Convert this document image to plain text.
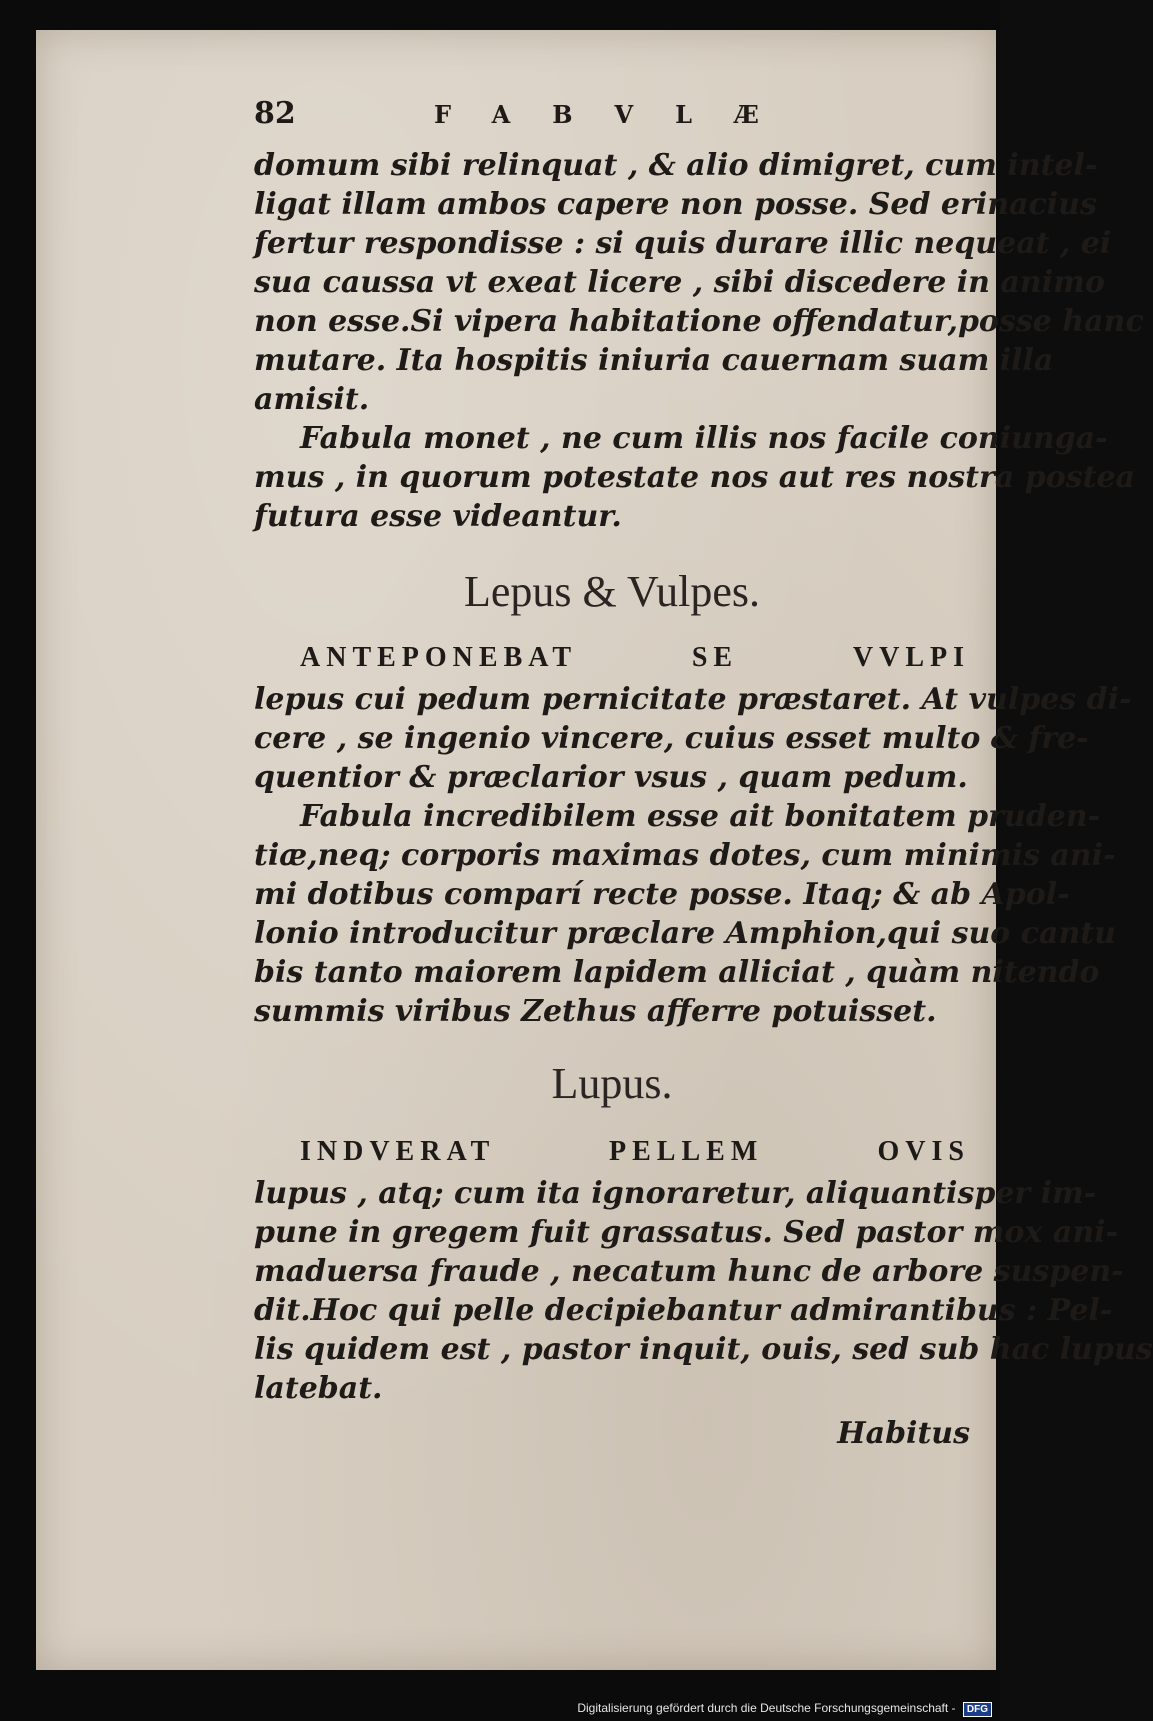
82	FABVLÆ
domum sibi relinquat , & alio dimigret, cum intel-
ligat illam ambos capere non posse. Sed erinacius
fertur respondisse : si quis durare illic nequeat , ei
sua caussa vt exeat licere , sibi discedere in animo
non esse.Si vipera habitatione offendatur,posse hanc
mutare. Ita hospitis iniuria cauernam suam illa
amisit.
Fabula monet , ne cum illis nos facile coniunga-
mus , in quorum potestate nos aut res nostra postea
futura esse videantur.
Lepus & Vulpes.
ANTEPONEBAT SE VVLPI
lepus cui pedum pernicitate præstaret. At vulpes di-
cere , se ingenio vincere, cuius esset multo & fre-
quentior & præclarior vsus , quam pedum.
Fabula incredibilem esse ait bonitatem pruden-
tiæ,neq; corporis maximas dotes, cum minimis ani-
mi dotibus comparí recte posse. Itaq; & ab Apol-
lonio introducitur præclare Amphion,qui suo cantu
bis tanto maiorem lapidem alliciat , quàm nitendo
summis viribus Zethus afferre potuisset.
Lupus.
INDVERAT PELLEM OVIS
lupus , atq; cum ita ignoraretur, aliquantisper im-
pune in gregem fuit grassatus. Sed pastor mox ani-
maduersa fraude , necatum hunc de arbore suspen-
dit.Hoc qui pelle decipiebantur admirantibus : Pel-
lis quidem est , pastor inquit, ouis, sed sub hac lupus
latebat.
Habitus
Digitalisierung gefördert durch die Deutsche Forschungsgemeinschaft - DFG
